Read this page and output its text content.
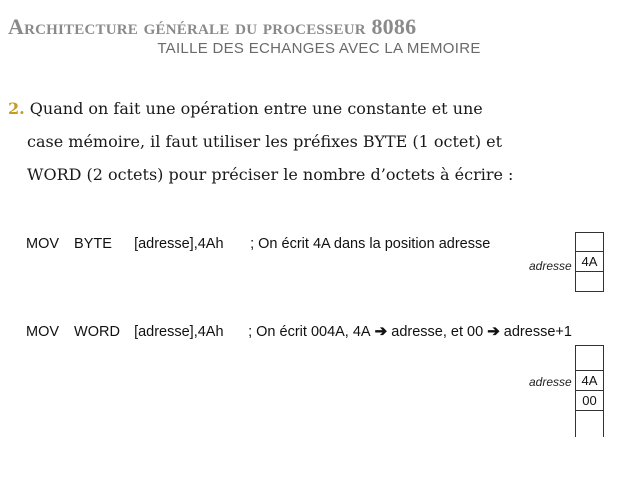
Architecture générale du processeur 8086
TAILLE DES ECHANGES AVEC LA MEMOIRE
2. Quand on fait une opération entre une constante et une
case mémoire, il faut utiliser les préfixes BYTE (1 octet) et
WORD (2 octets) pour préciser le nombre d’octets à écrire :
MOV BYTE [adresse],4Ah ; On écrit 4A dans la position adresse
adresse 4A
MOV WORD [adresse],4Ah ; On écrit 004A, 4A ➔ adresse, et 00 ➔ adresse+1
adresse 4A
00
